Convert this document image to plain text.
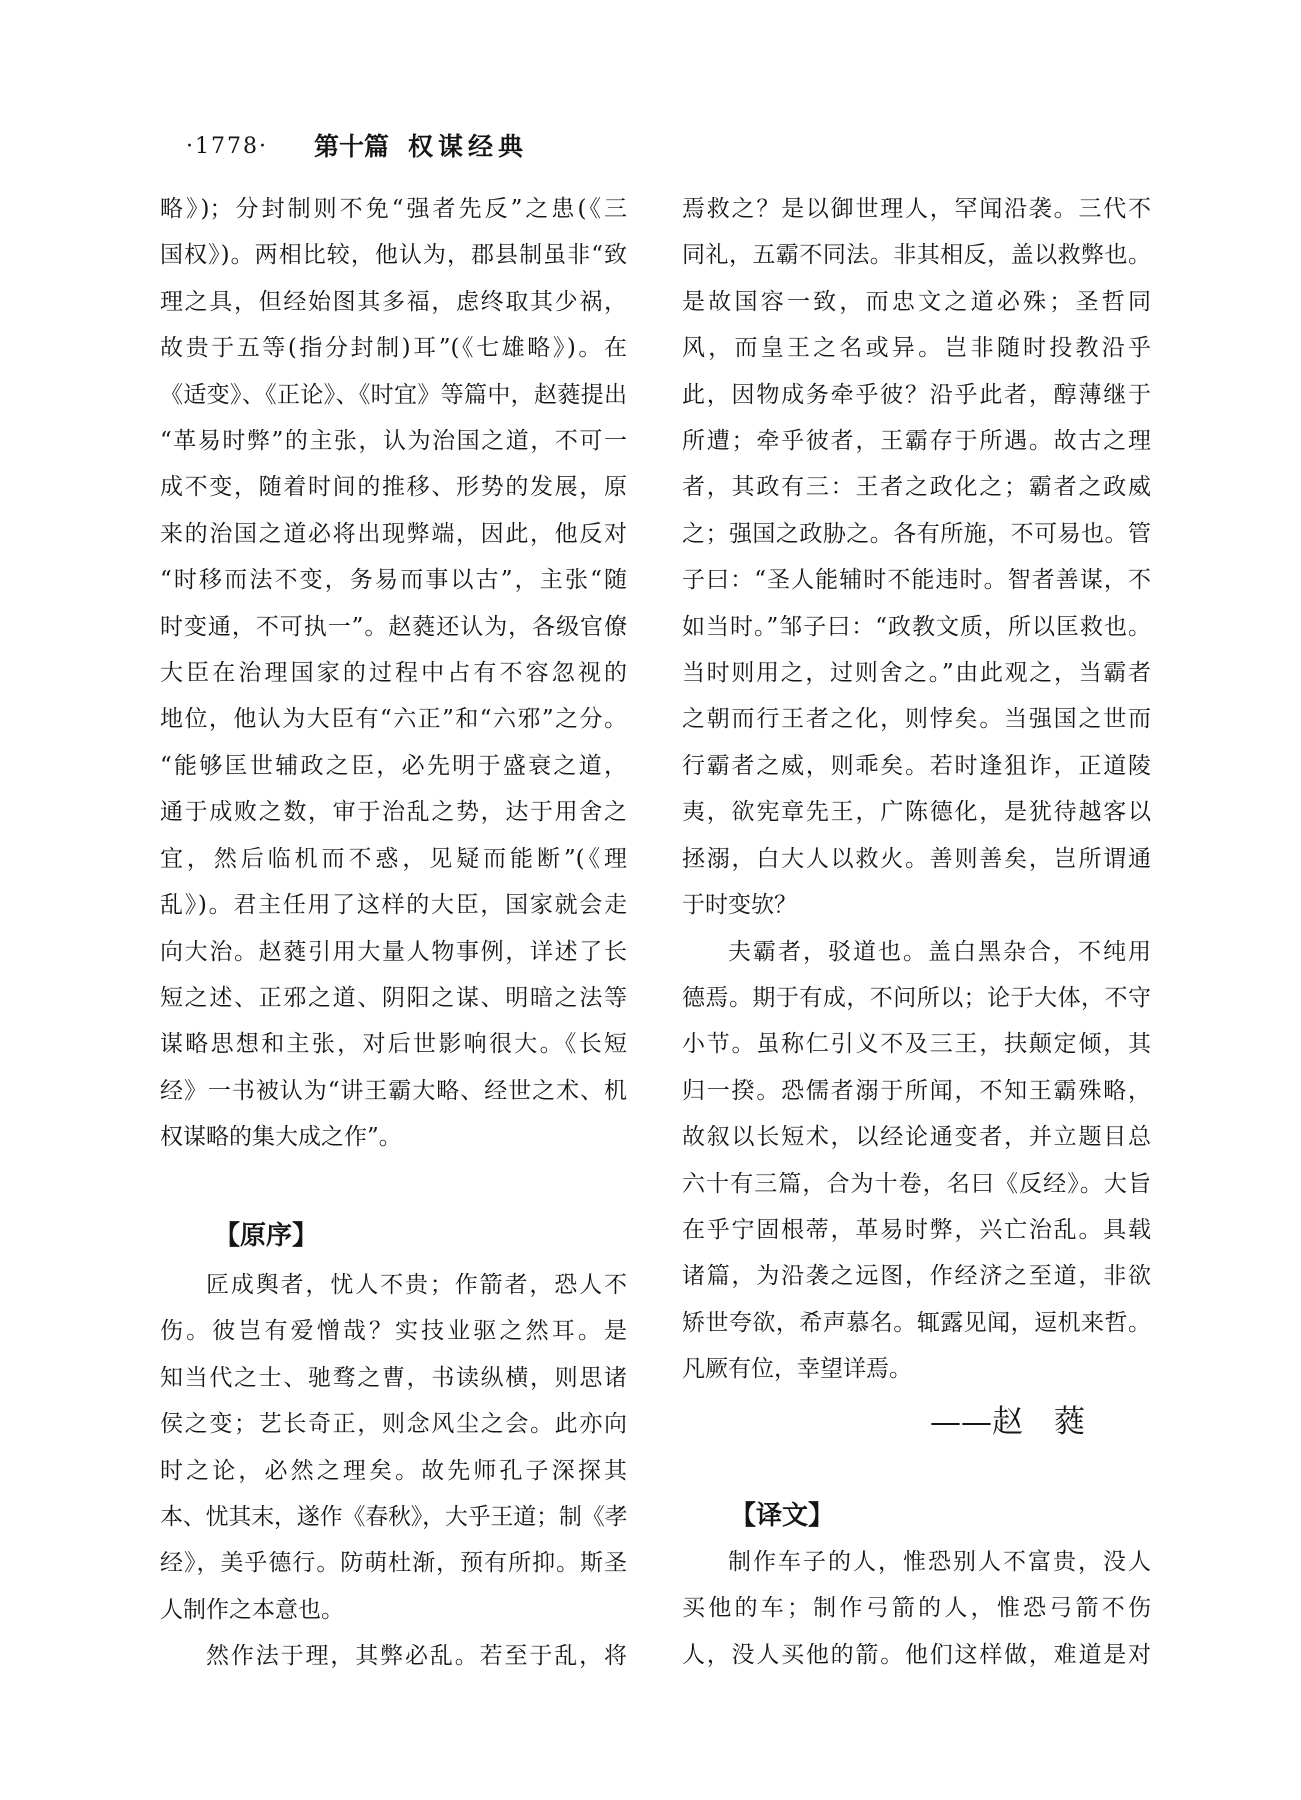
·1778· 第十篇 权谋经典
略》)；分封制则不免“强者先反”之患(《三
国权》)。两相比较，他认为，郡县制虽非“致
理之具，但经始图其多福，虑终取其少祸，
故贵于五等(指分封制)耳”(《七雄略》)。在
《适变》、《正论》、《时宜》等篇中，赵蕤提出
“革易时弊”的主张，认为治国之道，不可一
成不变，随着时间的推移、形势的发展，原
来的治国之道必将出现弊端，因此，他反对
“时移而法不变，务易而事以古”，主张“随
时变通，不可执一”。赵蕤还认为，各级官僚
大臣在治理国家的过程中占有不容忽视的
地位，他认为大臣有“六正”和“六邪”之分。
“能够匡世辅政之臣，必先明于盛衰之道，
通于成败之数，审于治乱之势，达于用舍之
宜，然后临机而不惑，见疑而能断”(《理
乱》)。君主任用了这样的大臣，国家就会走
向大治。赵蕤引用大量人物事例，详述了长
短之述、正邪之道、阴阳之谋、明暗之法等
谋略思想和主张，对后世影响很大。《长短
经》一书被认为“讲王霸大略、经世之术、机
权谋略的集大成之作”。
【原序】
匠成舆者，忧人不贵；作箭者，恐人不
伤。彼岂有爱憎哉？实技业驱之然耳。是
知当代之士、驰骛之曹，书读纵横，则思诸
侯之变；艺长奇正，则念风尘之会。此亦向
时之论，必然之理矣。故先师孔子深探其
本、忧其末，遂作《春秋》，大乎王道；制《孝
经》，美乎德行。防萌杜渐，预有所抑。斯圣
人制作之本意也。
然作法于理，其弊必乱。若至于乱，将
焉救之？是以御世理人，罕闻沿袭。三代不
同礼，五霸不同法。非其相反，盖以救弊也。
是故国容一致，而忠文之道必殊；圣哲同
风，而皇王之名或异。岂非随时投教沿乎
此，因物成务牵乎彼？沿乎此者，醇薄继于
所遭；牵乎彼者，王霸存于所遇。故古之理
者，其政有三：王者之政化之；霸者之政威
之；强国之政胁之。各有所施，不可易也。管
子曰：“圣人能辅时不能违时。智者善谋，不
如当时。”邹子曰：“政教文质，所以匡救也。
当时则用之，过则舍之。”由此观之，当霸者
之朝而行王者之化，则悖矣。当强国之世而
行霸者之威，则乖矣。若时逢狙诈，正道陵
夷，欲宪章先王，广陈德化，是犹待越客以
拯溺，白大人以救火。善则善矣，岂所谓通
于时变欤？
夫霸者，驳道也。盖白黑杂合，不纯用
德焉。期于有成，不问所以；论于大体，不守
小节。虽称仁引义不及三王，扶颠定倾，其
归一揆。恐儒者溺于所闻，不知王霸殊略，
故叙以长短术，以经论通变者，并立题目总
六十有三篇，合为十卷，名曰《反经》。大旨
在乎宁固根蒂，革易时弊，兴亡治乱。具载
诸篇，为沿袭之远图，作经济之至道，非欲
矫世夸欲，希声慕名。辄露见闻，逗机来哲。
凡厥有位，幸望详焉。
——赵　蕤
【译文】
制作车子的人，惟恐别人不富贵，没人
买他的车；制作弓箭的人，惟恐弓箭不伤
人，没人买他的箭。他们这样做，难道是对
